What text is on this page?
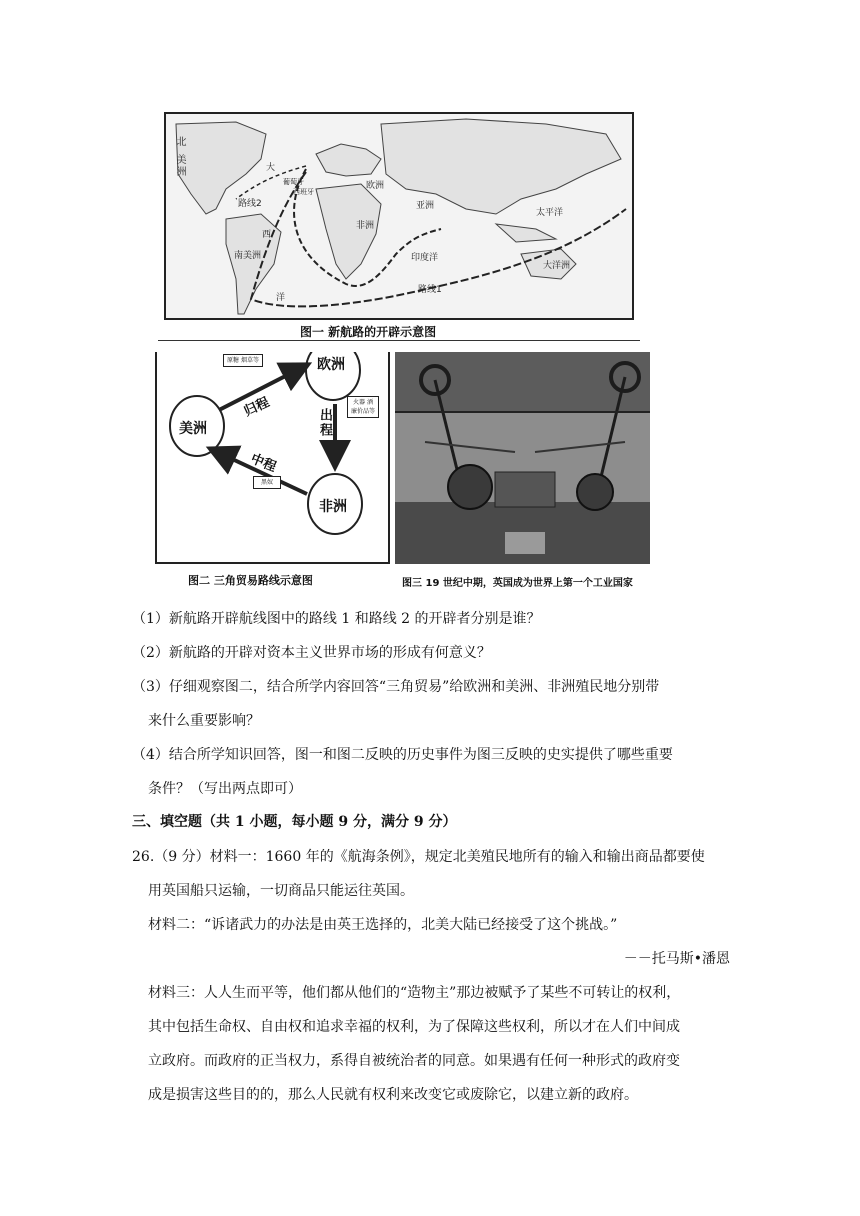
大
北
美洲
西
洋
欧洲
亚洲
非洲
南美洲	印度洋
太平洋
大洋洲
路线1
路线2
西班牙
葡萄牙
图一 新航路的开辟示意图
欧洲
美洲
非洲
原糖 烟草等
火器 酒 廉价品等
黑奴
归程
出程
中程
图二 三角贸易路线示意图	图三 19 世纪中期，英国成为世界上第一个工业国家
（1）新航路开辟航线图中的路线 1 和路线 2 的开辟者分别是谁？
（2）新航路的开辟对资本主义世界市场的形成有何意义？
（3）仔细观察图二，结合所学内容回答“三角贸易”给欧洲和美洲、非洲殖民地分别带
来什么重要影响？
（4）结合所学知识回答，图一和图二反映的历史事件为图三反映的史实提供了哪些重要
条件？（写出两点即可）
三、填空题（共 1 小题，每小题 9 分，满分 9 分）
26.（9 分）材料一：1660 年的《航海条例》，规定北美殖民地所有的输入和输出商品都要使
用英国船只运输，一切商品只能运往英国。
材料二：“诉诸武力的办法是由英王选择的，北美大陆已经接受了这个挑战。”
－－托马斯•潘恩
材料三：人人生而平等，他们都从他们的“造物主”那边被赋予了某些不可转让的权利，
其中包括生命权、自由权和追求幸福的权利，为了保障这些权利，所以才在人们中间成
立政府。而政府的正当权力，系得自被统治者的同意。如果遇有任何一种形式的政府变
成是损害这些目的的，那么人民就有权利来改变它或废除它，以建立新的政府。
